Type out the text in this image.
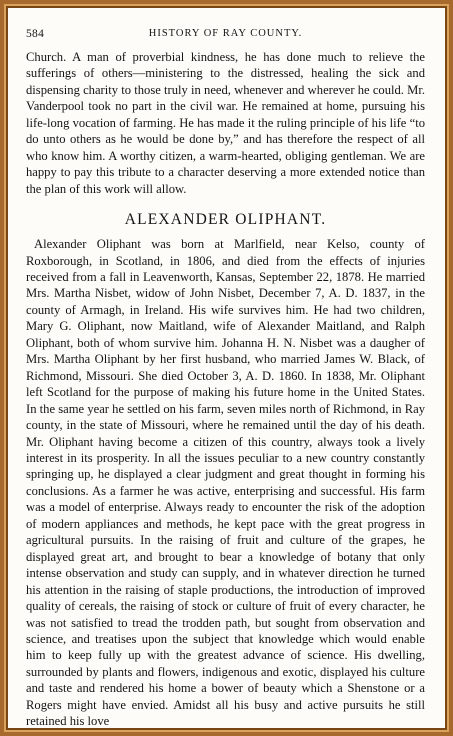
584	HISTORY OF RAY COUNTY.

Church. A man of proverbial kindness, he has done much to relieve the sufferings of others—ministering to the distressed, healing the sick and dispensing charity to those truly in need, whenever and wherever he could. Mr. Vanderpool took no part in the civil war. He remained at home, pursuing his life-long vocation of farming. He has made it the ruling principle of his life “to do unto others as he would be done by,” and has therefore the respect of all who know him. A worthy citizen, a warm-hearted, obliging gentleman. We are happy to pay this tribute to a character deserving a more extended notice than the plan of this work will allow.

ALEXANDER OLIPHANT.

Alexander Oliphant was born at Marlfield, near Kelso, county of Roxborough, in Scotland, in 1806, and died from the effects of injuries received from a fall in Leavenworth, Kansas, September 22, 1878. He married Mrs. Martha Nisbet, widow of John Nisbet, December 7, A. D. 1837, in the county of Armagh, in Ireland. His wife survives him. He had two children, Mary G. Oliphant, now Maitland, wife of Alexander Maitland, and Ralph Oliphant, both of whom survive him. Johanna H. N. Nisbet was a daugher of Mrs. Martha Oliphant by her first husband, who married James W. Black, of Richmond, Missouri. She died October 3, A. D. 1860. In 1838, Mr. Oliphant left Scotland for the purpose of making his future home in the United States. In the same year he settled on his farm, seven miles north of Richmond, in Ray county, in the state of Missouri, where he remained until the day of his death. Mr. Oliphant having become a citizen of this country, always took a lively interest in its prosperity. In all the issues peculiar to a new country constantly springing up, he displayed a clear judgment and great thought in forming his conclusions. As a farmer he was active, enterprising and successful. His farm was a model of enterprise. Always ready to encounter the risk of the adoption of modern appliances and methods, he kept pace with the great progress in agricultural pursuits. In the raising of fruit and culture of the grapes, he displayed great art, and brought to bear a knowledge of botany that only intense observation and study can supply, and in whatever direction he turned his attention in the raising of staple productions, the introduction of improved quality of cereals, the raising of stock or culture of fruit of every character, he was not satisfied to tread the trodden path, but sought from observation and science, and treatises upon the subject that knowledge which would enable him to keep fully up with the greatest advance of science. His dwelling, surrounded by plants and flowers, indigenous and exotic, displayed his culture and taste and rendered his home a bower of beauty which a Shenstone or a Rogers might have envied. Amidst all his busy and active pursuits he still retained his love
